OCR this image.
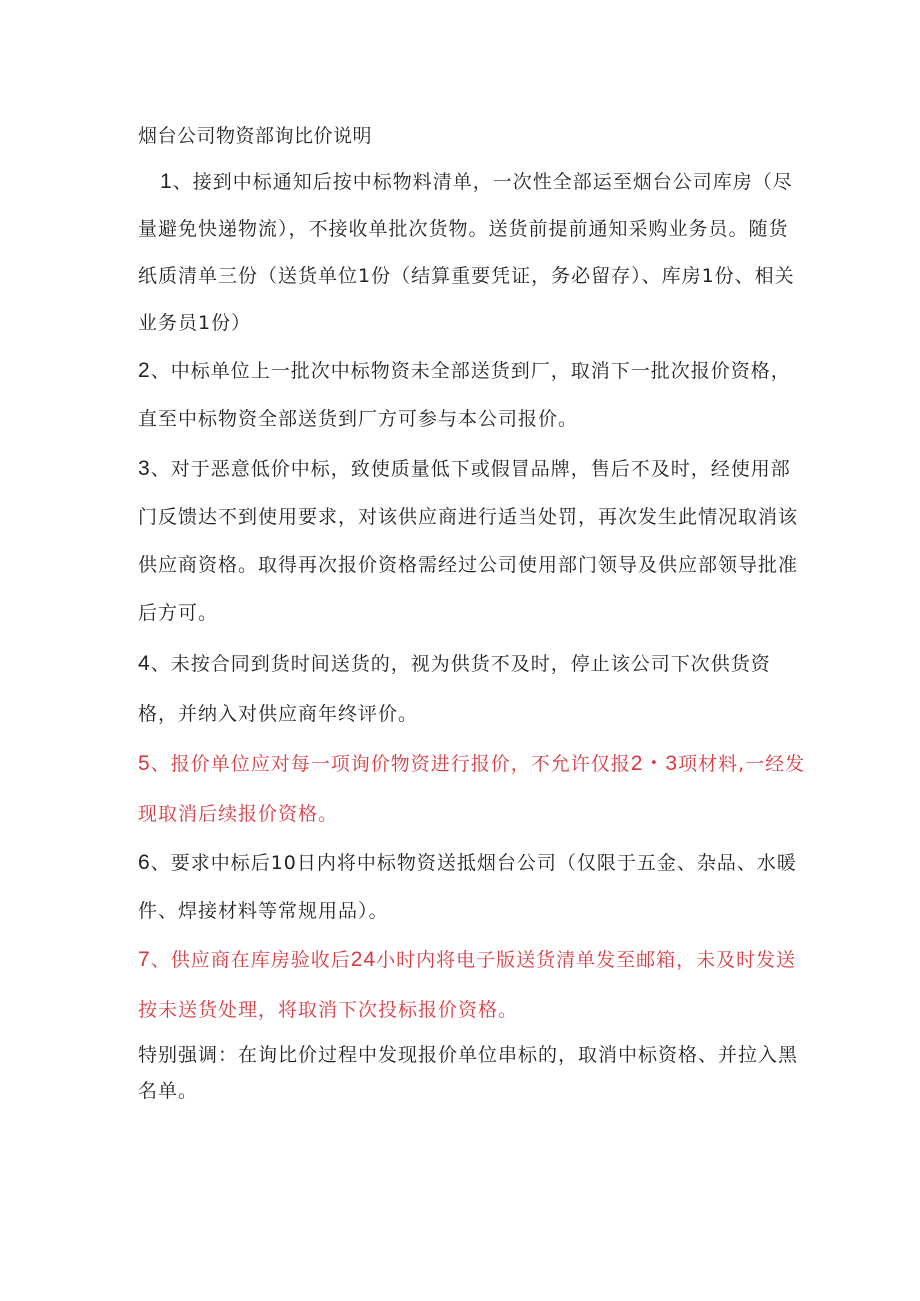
烟台公司物资部询比价说明

1、接到中标通知后按中标物料清单，一次性全部运至烟台公司库房（尽量避免快递物流），不接收单批次货物。送货前提前通知采购业务员。随货纸质清单三份（送货单位1份（结算重要凭证，务必留存）、库房1份、相关业务员1份）

2、中标单位上一批次中标物资未全部送货到厂，取消下一批次报价资格，直至中标物资全部送货到厂方可参与本公司报价。

3、对于恶意低价中标，致使质量低下或假冒品牌，售后不及时，经使用部门反馈达不到使用要求，对该供应商进行适当处罚，再次发生此情况取消该供应商资格。取得再次报价资格需经过公司使用部门领导及供应部领导批准后方可。

4、未按合同到货时间送货的，视为供货不及时，停止该公司下次供货资格，并纳入对供应商年终评价。

5、报价单位应对每一项询价物资进行报价，不允许仅报2・3项材料,一经发现取消后续报价资格。

6、要求中标后10日内将中标物资送抵烟台公司（仅限于五金、杂品、水暖件、焊接材料等常规用品）。

7、供应商在库房验收后24小时内将电子版送货清单发至邮箱，未及时发送按未送货处理，将取消下次投标报价资格。

特别强调：在询比价过程中发现报价单位串标的，取消中标资格、并拉入黑名单。
